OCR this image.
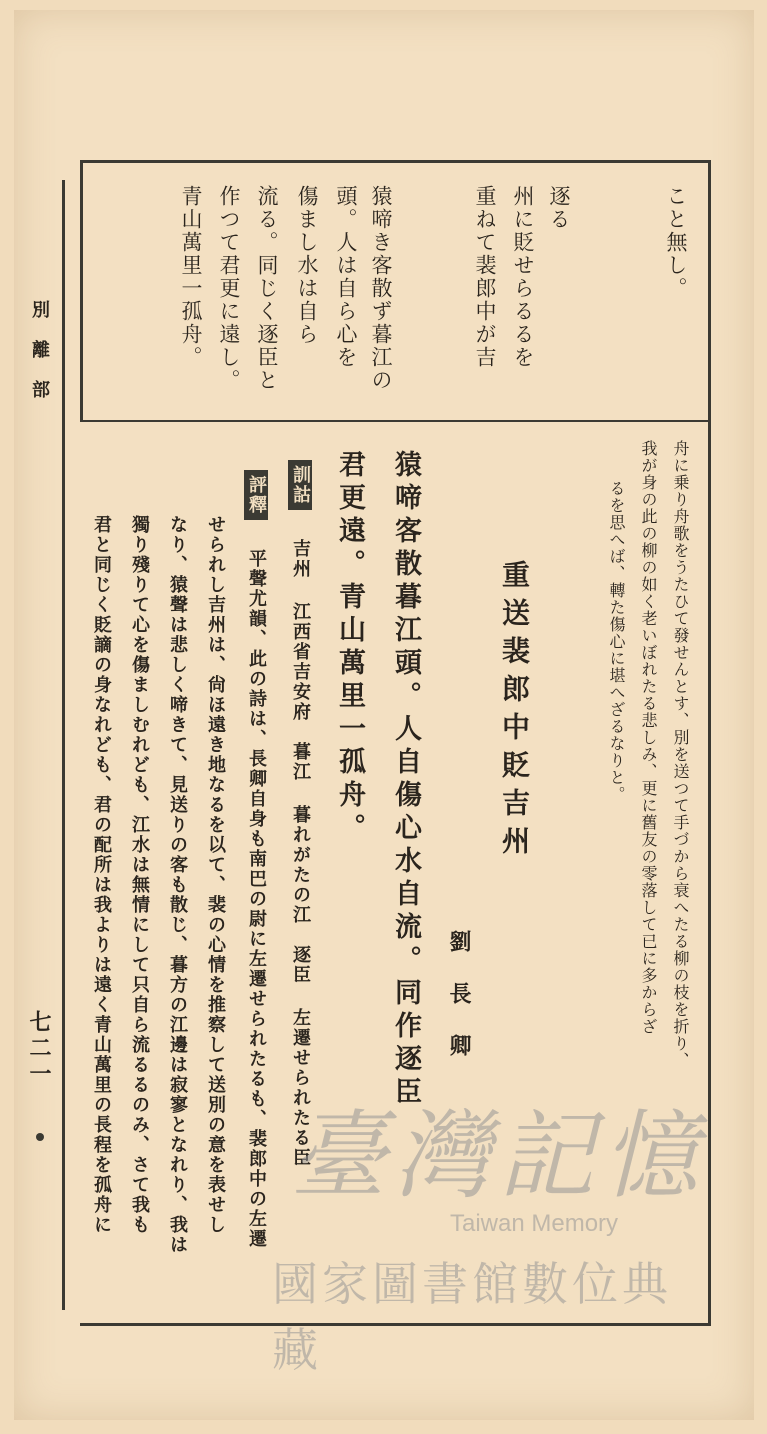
こと無し。
逐る
州に貶せらるるを
重ねて裴郎中が吉
猿啼き客散ず暮江の
頭。人は自ら心を
傷まし水は自ら
流る。同じく逐臣と
作つて君更に遠し。
青山萬里一孤舟。
舟に乗り舟歌をうたひて發せんとす、別を送つて手づから衰へたる柳の枝を折り、
我が身の此の柳の如く老いぼれたる悲しみ、更に舊友の零落して已に多からざ
るを思へば、轉た傷心に堪へざるなりと。
重送裴郎中貶吉州
劉長卿
猿啼客散暮江頭。人自傷心水自流。同作逐臣
君更遠。青山萬里一孤舟。
訓詁 吉州 江西省吉安府　暮江 暮れがたの江　逐臣 左遷せられたる臣
評釋 平聲尤韻、此の詩は、長卿自身も南巴の尉に左遷せられたるも、裴郎中の左遷
せられし吉州は、尙ほ遠き地なるを以て、裴の心情を推察して送別の意を表せし
なり、猿聲は悲しく啼きて、見送りの客も散じ、暮方の江邊は寂寥となれり、我は
獨り殘りて心を傷ましむれども、江水は無情にして只自ら流るるのみ、さて我も
君と同じく貶謫の身なれども、君の配所は我よりは遠く青山萬里の長程を孤舟に
別離部
七二一
臺灣記憶
Taiwan Memory
國家圖書館數位典藏
